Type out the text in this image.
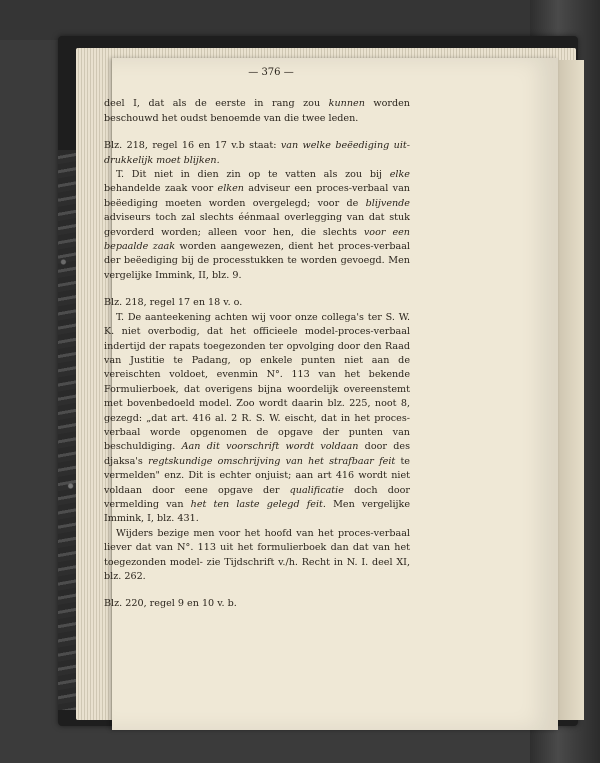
— 376 —

deel I, dat als de eerste in rang zou kunnen worden beschouwd het oudst benoemde van die twee leden.

Blz. 218, regel 16 en 17 v.b staat: van welke beëediging uit-drukkelijk moet blijken.

T. Dit niet in dien zin op te vatten als zou bij elke behandelde zaak voor elken adviseur een proces-verbaal van beëediging moeten worden overgelegd; voor de blijvende adviseurs toch zal slechts éénmaal overlegging van dat stuk gevorderd worden; alleen voor hen, die slechts voor een bepaalde zaak worden aangewezen, dient het proces-verbaal der beëediging bij de processtukken te worden gevoegd. Men vergelijke Immink, II, blz. 9.

Blz. 218, regel 17 en 18 v. o.

T. De aanteekening achten wij voor onze collega's ter S. W. K. niet overbodig, dat het officieele model-proces-verbaal indertijd der rapats toegezonden ter opvolging door den Raad van Justitie te Padang, op enkele punten niet aan de vereischten voldoet, evenmin N°. 113 van het bekende Formulierboek, dat overigens bijna woordelijk overeenstemt met bovenbedoeld model. Zoo wordt daarin blz. 225, noot 8, gezegd: „dat art. 416 al. 2 R. S. W. eischt, dat in het proces-verbaal worde opgenomen de opgave der punten van beschuldiging. Aan dit voorschrift wordt voldaan door des djaksa's regtskundige omschrijving van het strafbaar feit te vermelden" enz. Dit is echter onjuist; aan art 416 wordt niet voldaan door eene opgave der qualificatie doch door vermelding van het ten laste gelegd feit. Men vergelijke Immink, I, blz. 431.

Wijders bezige men voor het hoofd van het proces-verbaal liever dat van N°. 113 uit het formulierboek dan dat van het toegezonden model- zie Tijdschrift v./h. Recht in N. I. deel XI, blz. 262.

Blz. 220, regel 9 en 10 v. b.
